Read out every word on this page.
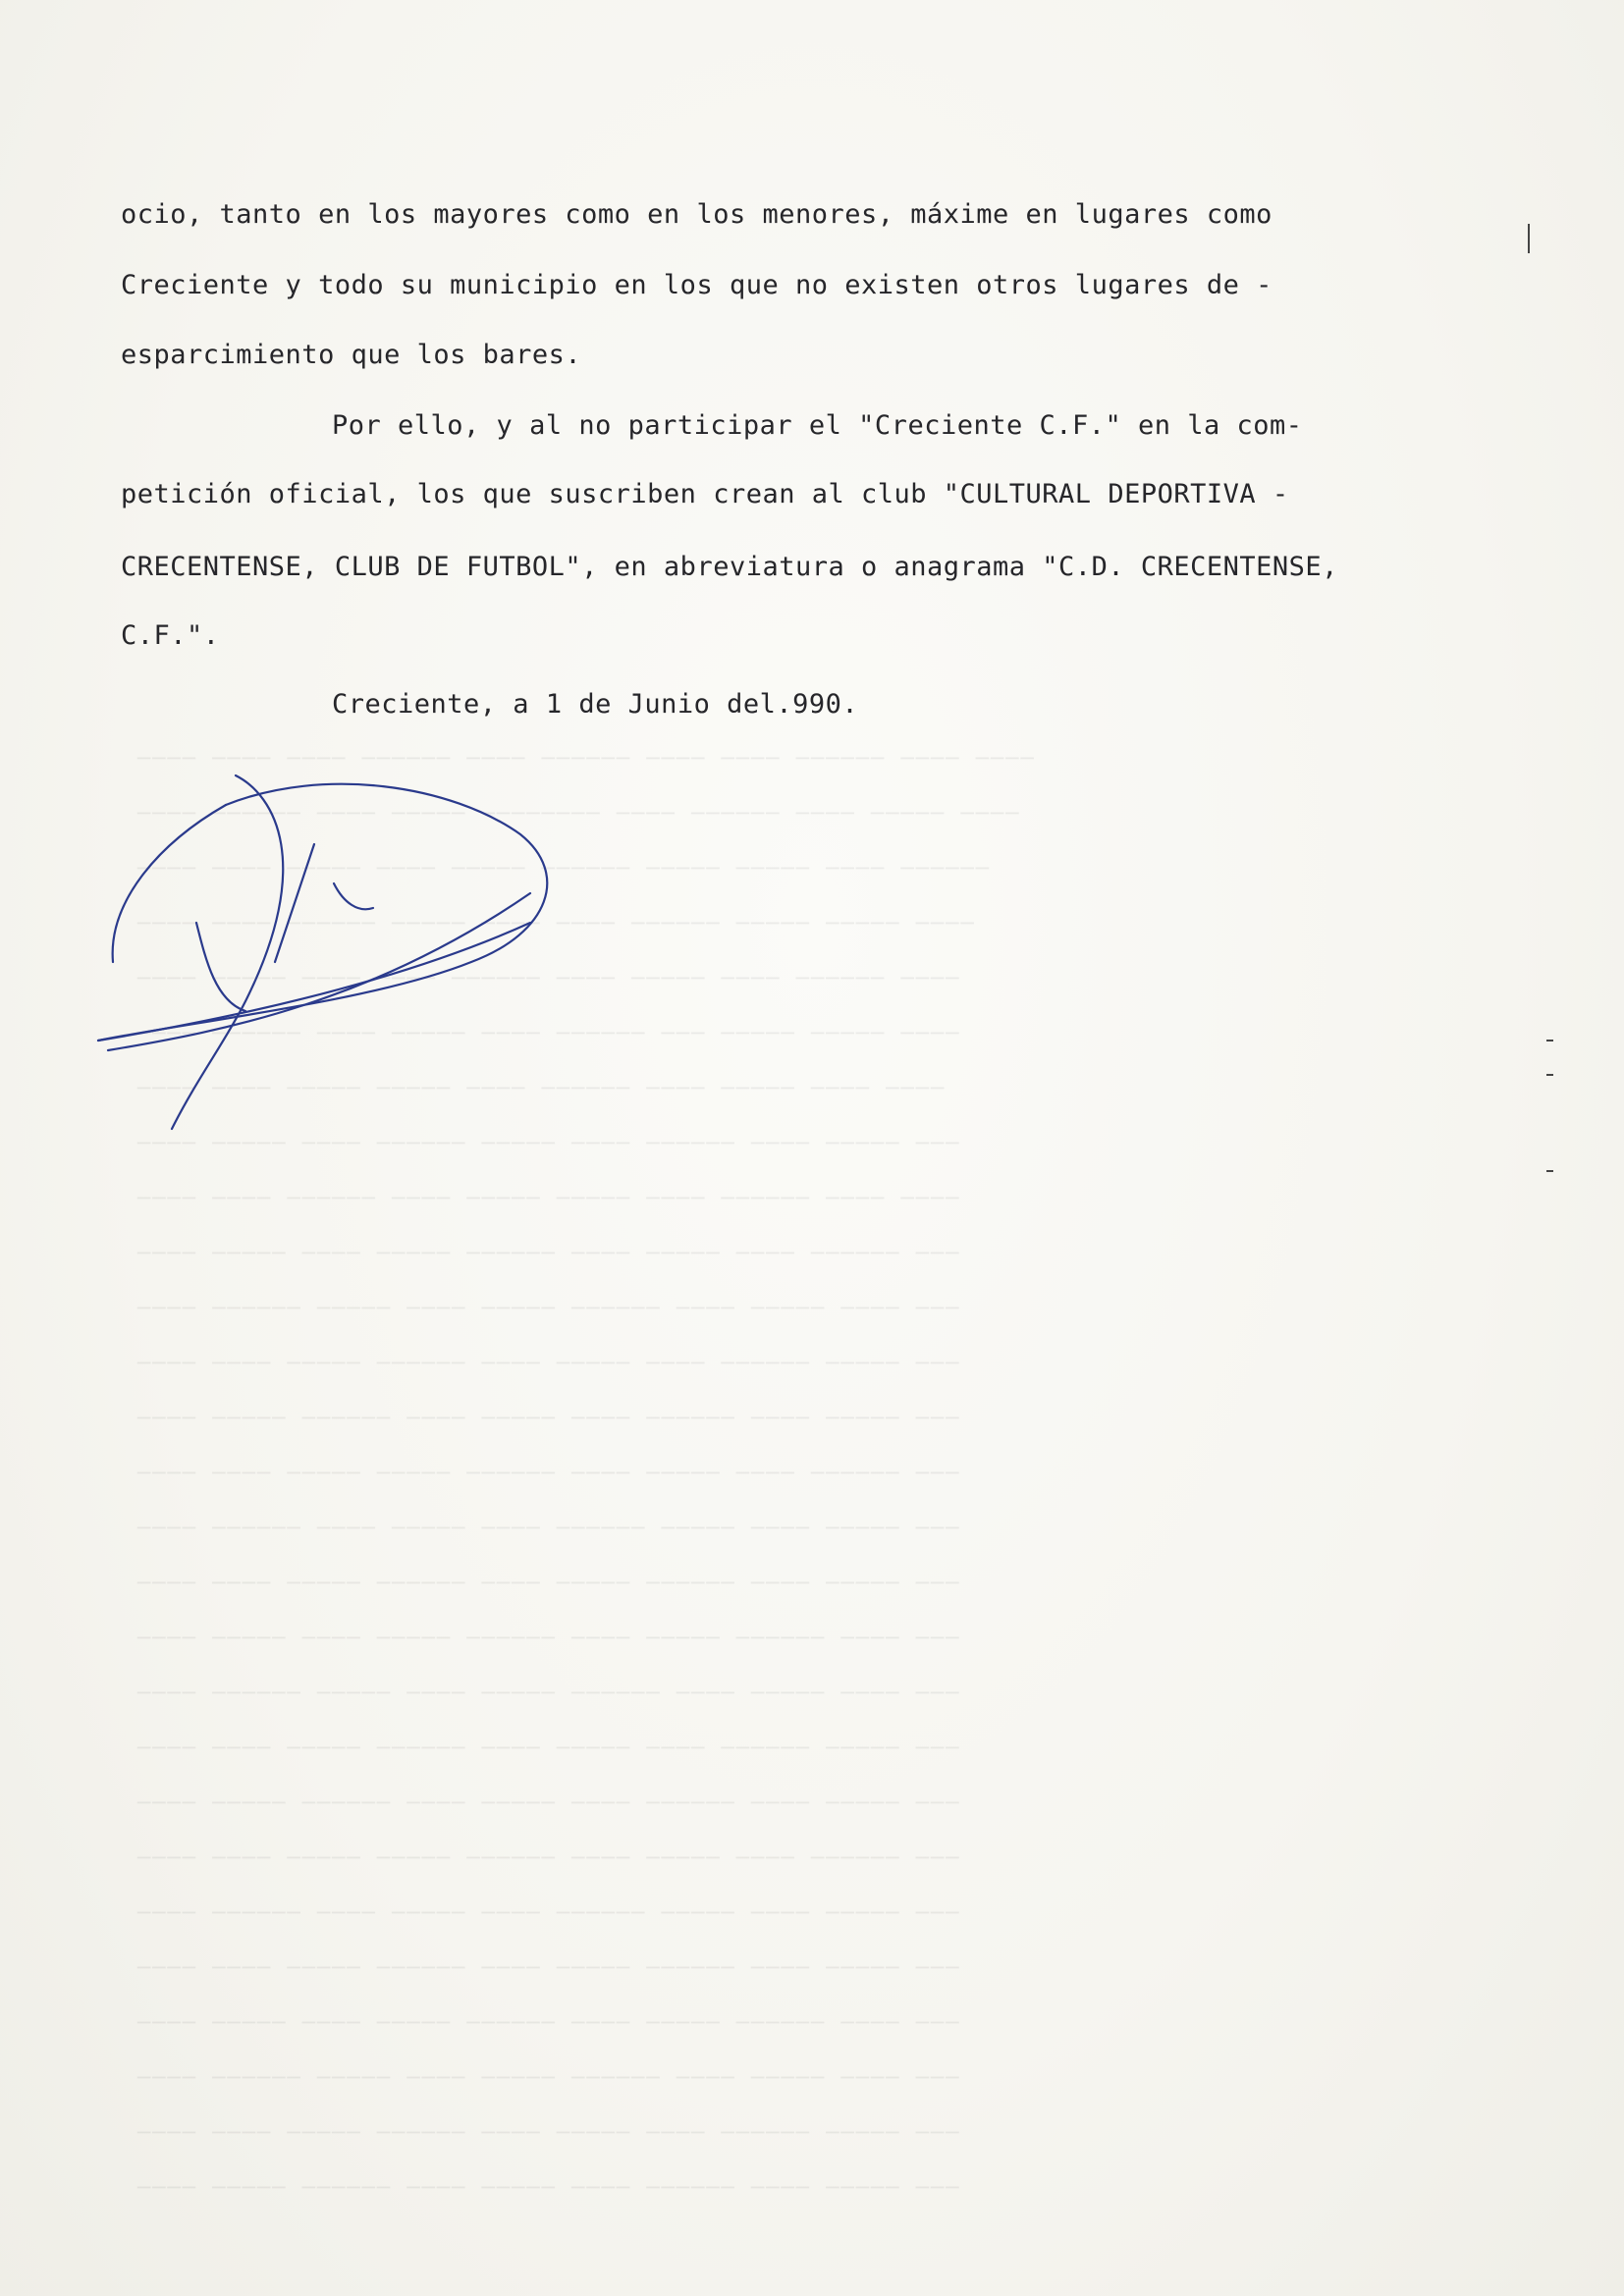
──── ──── ──── ────── ──── ────── ──── ──── ────── ──── ────
──── ────── ──── ───── ──────── ──── ────── ──── ───── ────
──── ──── ───── ──── ───── ────── ───── ───── ──── ──────
──── ──── ────── ───── ──── ──── ────── ───── ───── ────
──── ───── ──── ──── ────── ──── ───── ──── ────── ────
──── ────── ──── ───── ──── ────── ─── ───── ───── ────
──── ──── ───── ───── ──── ────── ──── ───── ──── ────
──── ───── ──── ────── ───── ──── ────── ──── ───── ───
──── ──── ────── ──── ───── ───── ──── ────── ──── ────
──── ───── ──── ───── ────── ──── ───── ──── ────── ───
──── ────── ───── ──── ───── ────── ──── ───── ──── ───
──── ──── ───── ────── ──── ───── ──── ────── ───── ───
──── ───── ────── ──── ───── ──── ────── ──── ───── ───
──── ──── ───── ───── ────── ──── ───── ──── ────── ───
──── ────── ──── ───── ──── ────── ───── ──── ───── ───
──── ──── ───── ────── ──── ───── ────── ──── ───── ───
──── ───── ──── ───── ────── ──── ───── ────── ──── ───
──── ────── ───── ──── ───── ────── ──── ───── ──── ───
──── ──── ───── ────── ──── ───── ──── ────── ───── ───
──── ───── ────── ──── ───── ──── ────── ──── ───── ───
──── ──── ───── ───── ────── ──── ───── ──── ────── ───
──── ────── ──── ───── ──── ────── ───── ──── ───── ───
──── ──── ───── ────── ──── ───── ────── ──── ───── ───
──── ───── ──── ───── ────── ──── ───── ────── ──── ───
──── ────── ───── ──── ───── ────── ──── ───── ──── ───
──── ──── ───── ────── ──── ───── ──── ────── ───── ───
──── ───── ────── ──── ───── ──── ────── ──── ───── ───

ocio, tanto en los mayores como en los menores, máxime en lugares como
Creciente y todo su municipio en los que no existen otros lugares de -
esparcimiento que los bares.
Por ello, y al no participar el "Creciente C.F." en la com-
petición oficial, los que suscriben crean al club "CULTURAL DEPORTIVA -
CRECENTENSE, CLUB DE FUTBOL", en abreviatura o anagrama "C.D. CRECENTENSE,
C.F.".
Creciente, a 1 de Junio del.990.
